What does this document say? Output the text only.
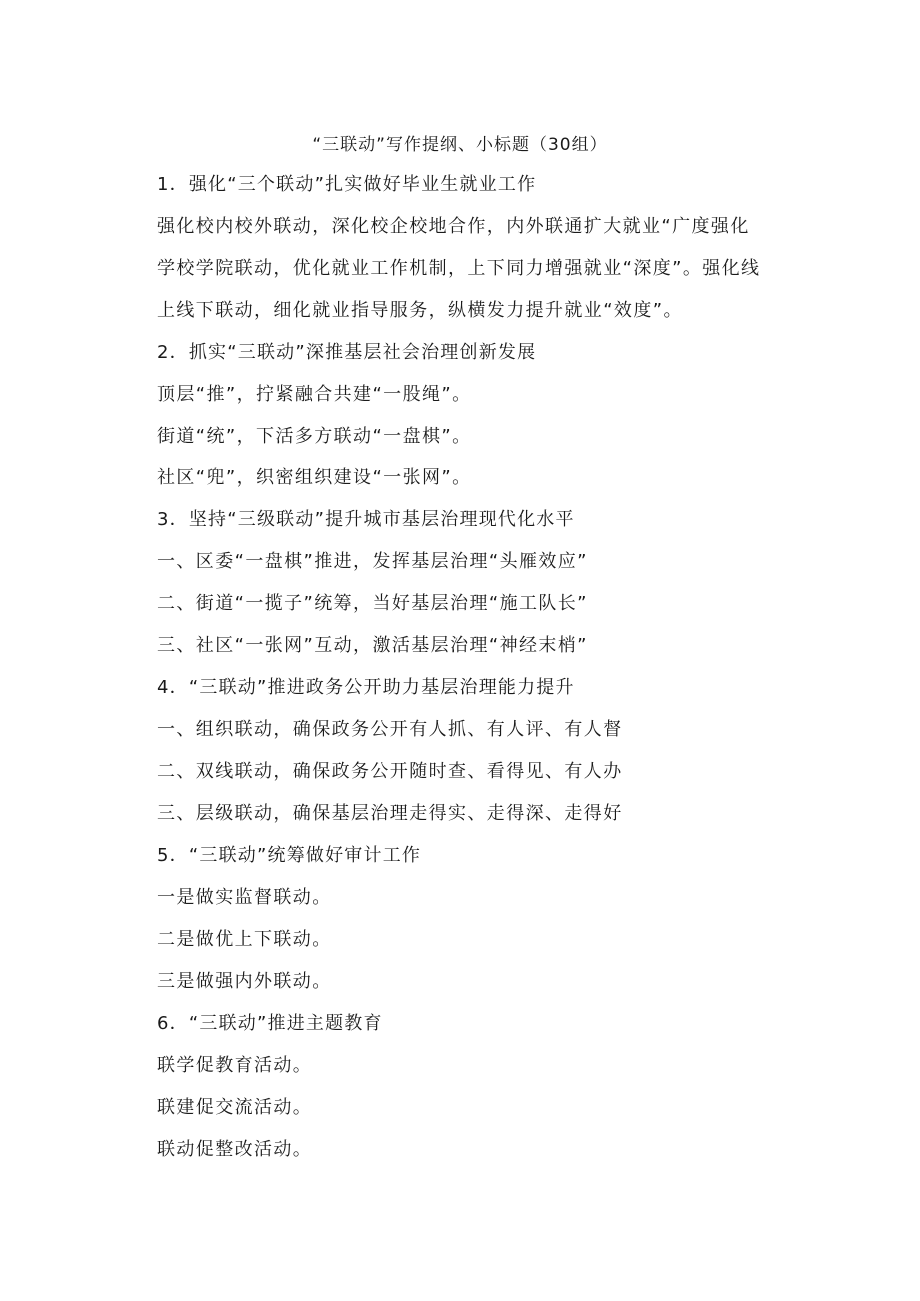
“三联动”写作提纲、小标题（30组）
1．强化“三个联动”扎实做好毕业生就业工作
强化校内校外联动，深化校企校地合作，内外联通扩大就业“广度强化
学校学院联动，优化就业工作机制，上下同力增强就业“深度”。强化线
上线下联动，细化就业指导服务，纵横发力提升就业“效度”。
2．抓实“三联动”深推基层社会治理创新发展
顶层“推”，拧紧融合共建“一股绳”。
街道“统”，下活多方联动“一盘棋”。
社区“兜”，织密组织建设“一张网”。
3．坚持“三级联动”提升城市基层治理现代化水平
一、区委“一盘棋”推进，发挥基层治理“头雁效应”
二、街道“一揽子”统筹，当好基层治理“施工队长”
三、社区“一张网”互动，激活基层治理“神经末梢”
4．“三联动”推进政务公开助力基层治理能力提升
一、组织联动，确保政务公开有人抓、有人评、有人督
二、双线联动，确保政务公开随时查、看得见、有人办
三、层级联动，确保基层治理走得实、走得深、走得好
5．“三联动”统筹做好审计工作
一是做实监督联动。
二是做优上下联动。
三是做强内外联动。
6．“三联动”推进主题教育
联学促教育活动。
联建促交流活动。
联动促整改活动。
